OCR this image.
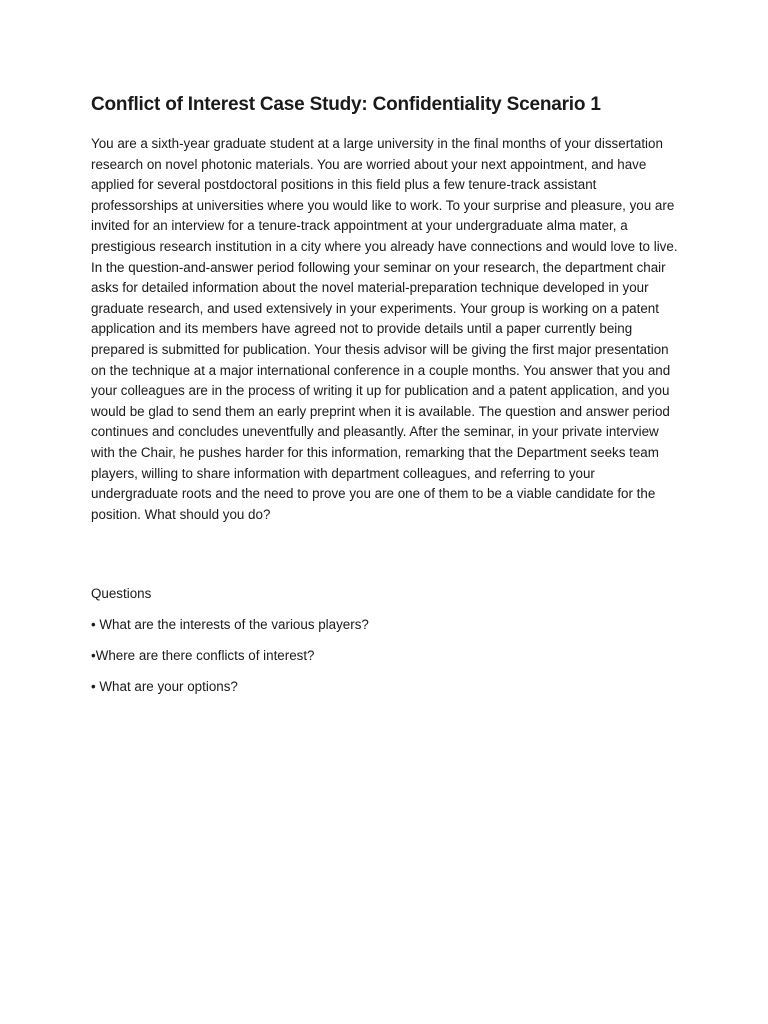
Conflict of Interest Case Study: Confidentiality Scenario 1

You are a sixth-year graduate student at a large university in the final months of your dissertation research on novel photonic materials. You are worried about your next appointment, and have applied for several postdoctoral positions in this field plus a few tenure-track assistant professorships at universities where you would like to work. To your surprise and pleasure, you are invited for an interview for a tenure-track appointment at your undergraduate alma mater, a prestigious research institution in a city where you already have connections and would love to live. In the question-and-answer period following your seminar on your research, the department chair asks for detailed information about the novel material-preparation technique developed in your graduate research, and used extensively in your experiments. Your group is working on a patent application and its members have agreed not to provide details until a paper currently being prepared is submitted for publication. Your thesis advisor will be giving the first major presentation on the technique at a major international conference in a couple months. You answer that you and your colleagues are in the process of writing it up for publication and a patent application, and you would be glad to send them an early preprint when it is available. The question and answer period continues and concludes uneventfully and pleasantly. After the seminar, in your private interview with the Chair, he pushes harder for this information, remarking that the Department seeks team players, willing to share information with department colleagues, and referring to your undergraduate roots and the need to prove you are one of them to be a viable candidate for the position. What should you do?

Questions

• What are the interests of the various players?

•Where are there conflicts of interest?

• What are your options?
